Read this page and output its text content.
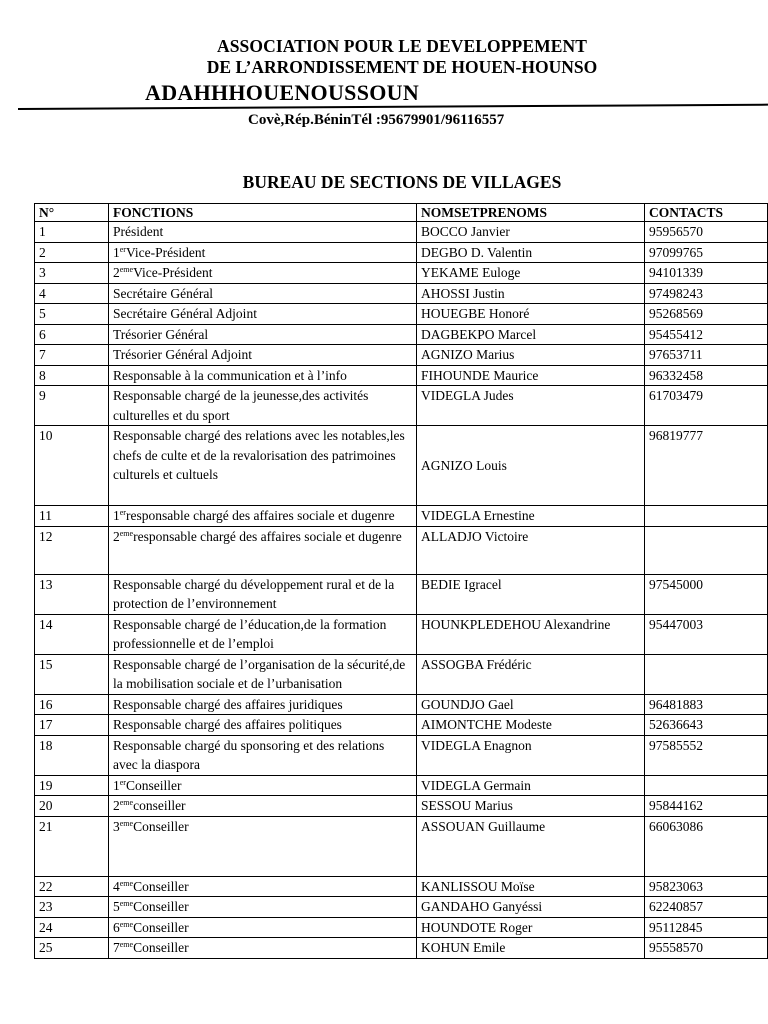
ASSOCIATION POUR LE DEVELOPPEMENT
DE L’ARRONDISSEMENT DE HOUEN-HOUNSO
ADAHHHOUENOUSSOUN
Covè,Rép.BéninTél :95679901/96116557
BUREAU DE SECTIONS DE VILLAGES
N°	FONCTIONS	NOMSETPRENOMS	CONTACTS
1	Président	BOCCO Janvier	95956570
2	1erVice-Président	DEGBO D. Valentin	97099765
3	2emeVice-Président	YEKAME Euloge	94101339
4	Secrétaire Général	AHOSSI Justin	97498243
5	Secrétaire Général Adjoint	HOUEGBE Honoré	95268569
6	Trésorier Général	DAGBEKPO Marcel	95455412
7	Trésorier Général Adjoint	AGNIZO Marius	97653711
8	Responsable à la communication et à l’info	FIHOUNDE Maurice	96332458
9	Responsable chargé de la jeunesse,des activités culturelles et du sport	VIDEGLA Judes	61703479
10	Responsable chargé des relations avec les notables,les chefs de culte et de la revalorisation des patrimoines culturels et cultuels	AGNIZO Louis	96819777
11	1erresponsable chargé des affaires sociale et dugenre	VIDEGLA Ernestine	
12	2emeresponsable chargé des affaires sociale et dugenre	ALLADJO Victoire	
13	Responsable chargé du développement rural et de la protection de l’environnement	BEDIE Igracel	97545000
14	Responsable chargé de l’éducation,de la formation professionnelle et de l’emploi	HOUNKPLEDEHOU Alexandrine	95447003
15	Responsable chargé de l’organisation de la sécurité,de la mobilisation sociale et de l’urbanisation	ASSOGBA Frédéric	
16	Responsable chargé des affaires juridiques	GOUNDJO Gael	96481883
17	Responsable chargé des affaires politiques	AIMONTCHE Modeste	52636643
18	Responsable chargé du sponsoring et des relations avec la diaspora	VIDEGLA Enagnon	97585552
19	1erConseiller	VIDEGLA Germain	
20	2emeconseiller	SESSOU Marius	95844162
21	3emeConseiller	ASSOUAN Guillaume	66063086
22	4emeConseiller	KANLISSOU Moïse	95823063
23	5emeConseiller	GANDAHO Ganyéssi	62240857
24	6emeConseiller	HOUNDOTE Roger	95112845
25	7emeConseiller	KOHUN Emile	95558570
